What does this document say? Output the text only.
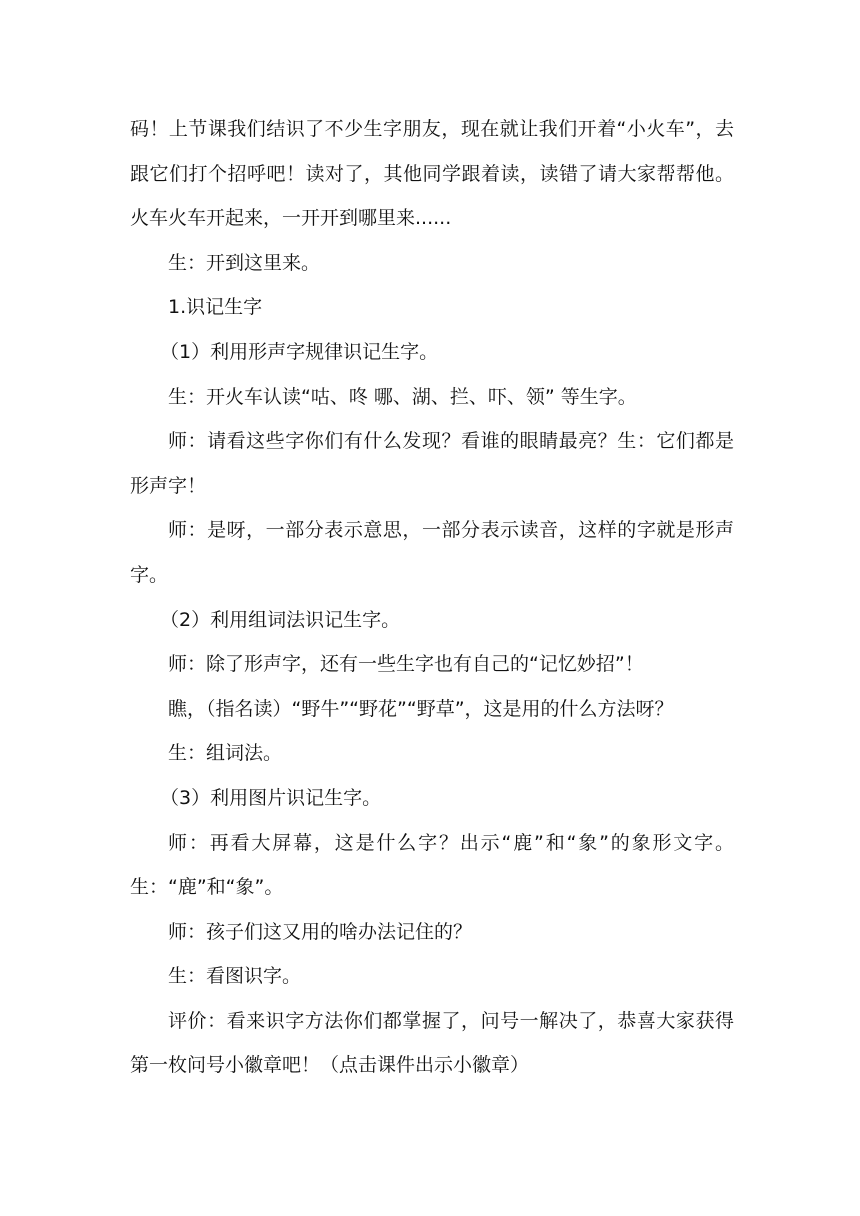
码！上节课我们结识了不少生字朋友，现在就让我们开着“小火车”，去跟它们打个招呼吧！读对了，其他同学跟着读，读错了请大家帮帮他。火车火车开起来，一开开到哪里来......

生：开到这里来。

1.识记生字

（1）利用形声字规律识记生字。

生：开火车认读“咕、咚 哪、湖、拦、吓、领” 等生字。

师：请看这些字你们有什么发现？看谁的眼睛最亮？生：它们都是形声字！

师：是呀，一部分表示意思，一部分表示读音，这样的字就是形声字。

（2）利用组词法识记生字。

师：除了形声字，还有一些生字也有自己的“记忆妙招”！

瞧，（指名读）“野牛”“野花”“野草”，这是用的什么方法呀？

生：组词法。

（3）利用图片识记生字。

师：再看大屏幕，这是什么字？出示“鹿”和“象”的象形文字。生：“鹿”和“象”。

师：孩子们这又用的啥办法记住的？

生：看图识字。

评价：看来识字方法你们都掌握了，问号一解决了，恭喜大家获得第一枚问号小徽章吧！（点击课件出示小徽章）
